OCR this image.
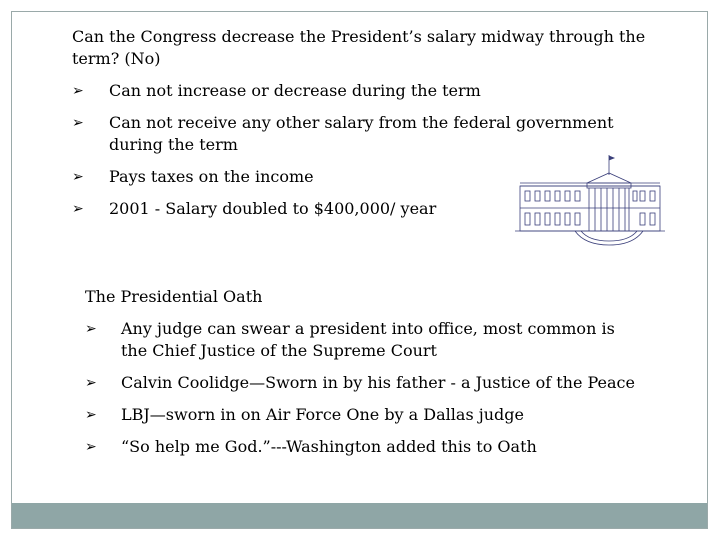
Can the Congress decrease the President’s salary midway through the term? (No)
➢ Can not increase or decrease during the term
➢ Can not receive any other salary from the federal government during the term
➢ Pays taxes on the income
➢ 2001 - Salary doubled to $400,000/ year
The Presidential Oath
➢ Any judge can swear a president into office, most common is the Chief Justice of the Supreme Court
➢ Calvin Coolidge—Sworn in by his father - a Justice of the Peace
➢ LBJ—sworn in on Air Force One by a Dallas judge
➢ “So help me God.”---Washington added this to Oath
